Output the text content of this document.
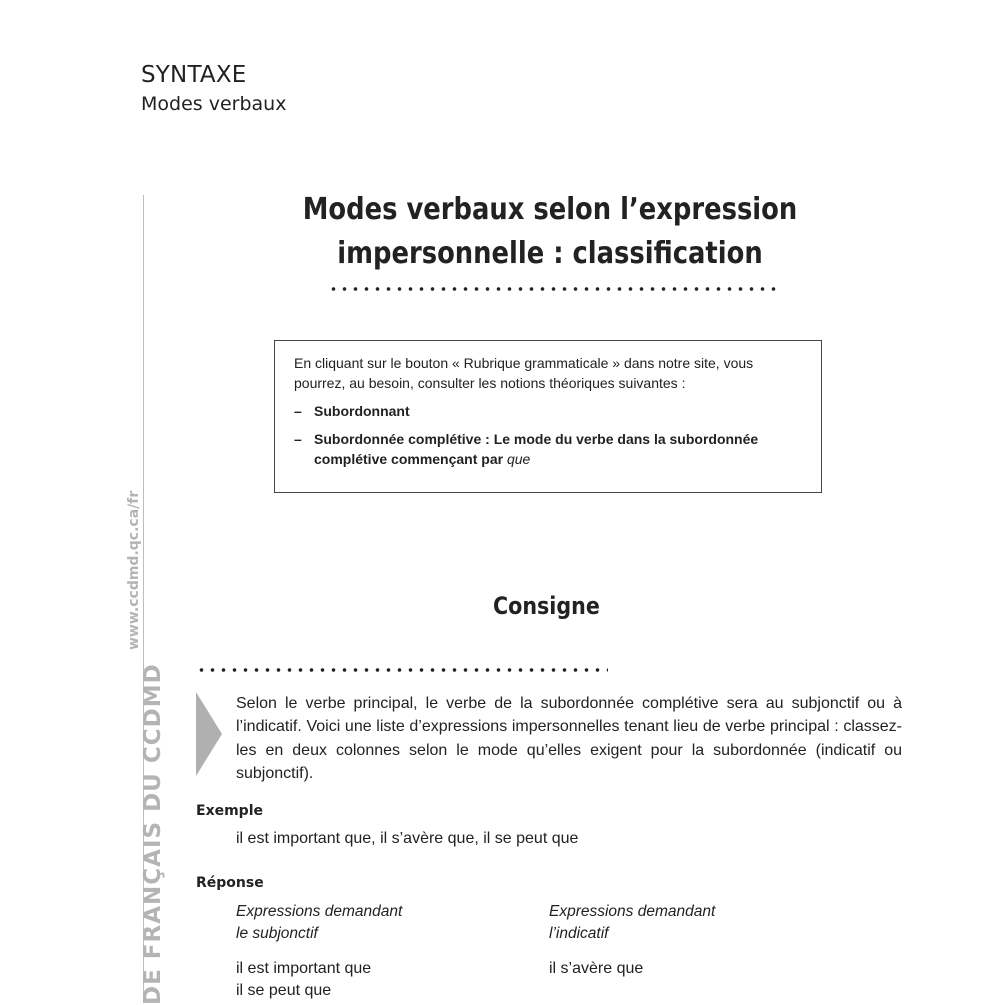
SYNTAXE
Modes verbaux
www.ccdmd.qc.ca/fr
DE FRANÇAIS DU CCDMD
Modes verbaux selon l’expression
impersonnelle : classification

En cliquant sur le bouton « Rubrique grammaticale » dans notre site, vous pourrez, au besoin, consulter les notions théoriques suivantes :

– Subordonnant

– Subordonnée complétive : Le mode du verbe dans la subordonnée complétive commençant par que

Consigne
Selon le verbe principal, le verbe de la subordonnée complétive sera au subjonctif ou à l’indicatif. Voici une liste d’expressions impersonnelles tenant lieu de verbe principal : classez-les en deux colonnes selon le mode qu’elles exigent pour la subordonnée (indicatif ou subjonctif).
Exemple
il est important que, il s’avère que, il se peut que
Réponse
Expressions demandant
le subjonctif
Expressions demandant
l’indicatif
il est important que
il se peut que
il s’avère que
